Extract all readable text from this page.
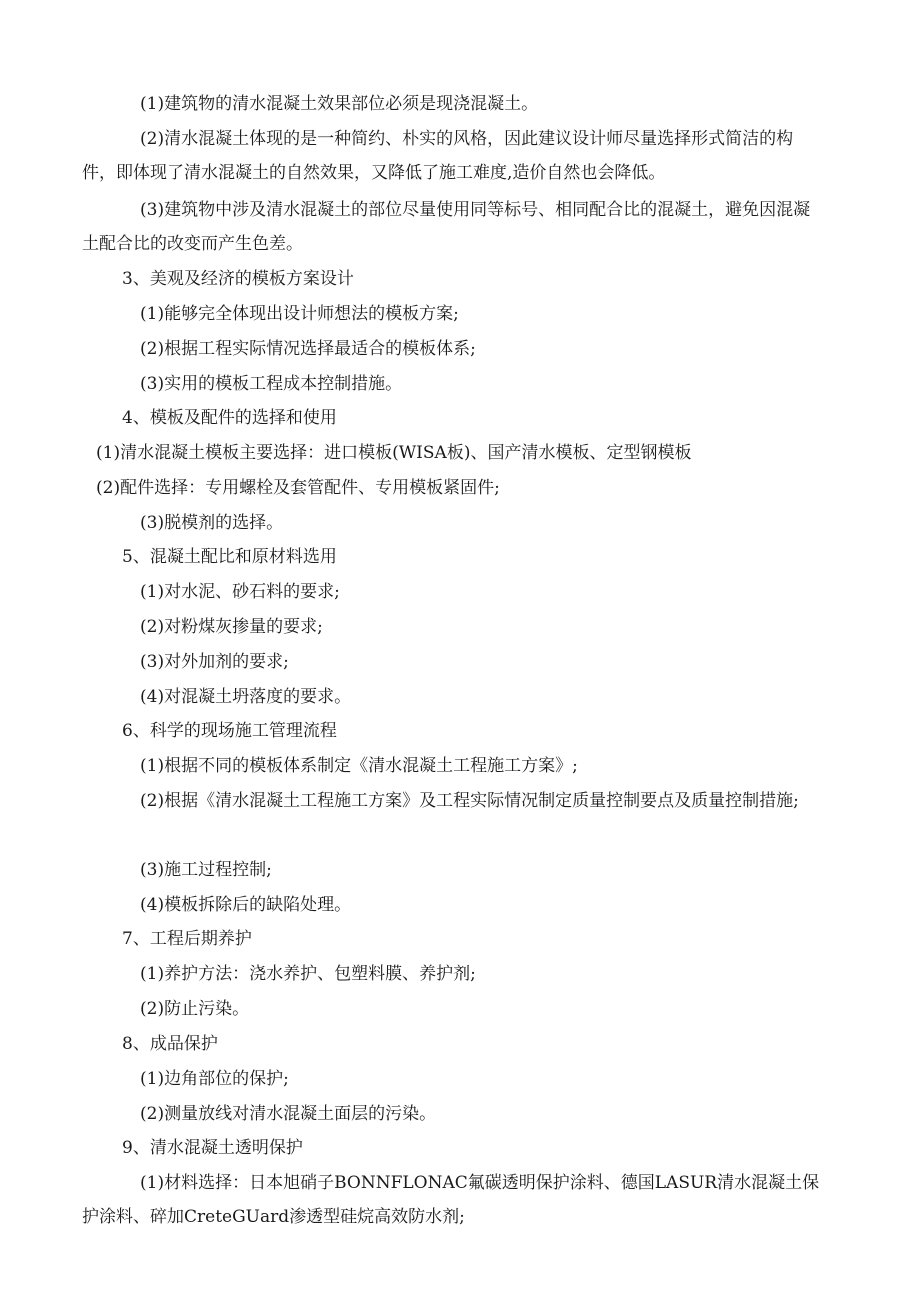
(1)建筑物的清水混凝土效果部位必须是现浇混凝土。

(2)清水混凝土体现的是一种简约、朴实的风格，因此建议设计师尽量选择形式简洁的构件，即体现了清水混凝土的自然效果，又降低了施工难度,造价自然也会降低。

(3)建筑物中涉及清水混凝土的部位尽量使用同等标号、相同配合比的混凝土，避免因混凝土配合比的改变而产生色差。

3、美观及经济的模板方案设计

(1)能够完全体现出设计师想法的模板方案;

(2)根据工程实际情况选择最适合的模板体系;

(3)实用的模板工程成本控制措施。

4、模板及配件的选择和使用

(1)清水混凝土模板主要选择：进口模板(WISA板)、国产清水模板、定型钢模板

(2)配件选择：专用螺栓及套管配件、专用模板紧固件;

(3)脱模剂的选择。

5、混凝土配比和原材料选用

(1)对水泥、砂石料的要求;

(2)对粉煤灰掺量的要求;

(3)对外加剂的要求;

(4)对混凝土坍落度的要求。

6、科学的现场施工管理流程

(1)根据不同的模板体系制定《清水混凝土工程施工方案》;

(2)根据《清水混凝土工程施工方案》及工程实际情况制定质量控制要点及质量控制措施;

(3)施工过程控制;

(4)模板拆除后的缺陷处理。

7、工程后期养护

(1)养护方法：浇水养护、包塑料膜、养护剂;

(2)防止污染。

8、成品保护

(1)边角部位的保护;

(2)测量放线对清水混凝土面层的污染。

9、清水混凝土透明保护

(1)材料选择：日本旭硝子BONNFLONAC氟碳透明保护涂料、德国LASUR清水混凝土保护涂料、碎加CreteGUard渗透型硅烷高效防水剂;
